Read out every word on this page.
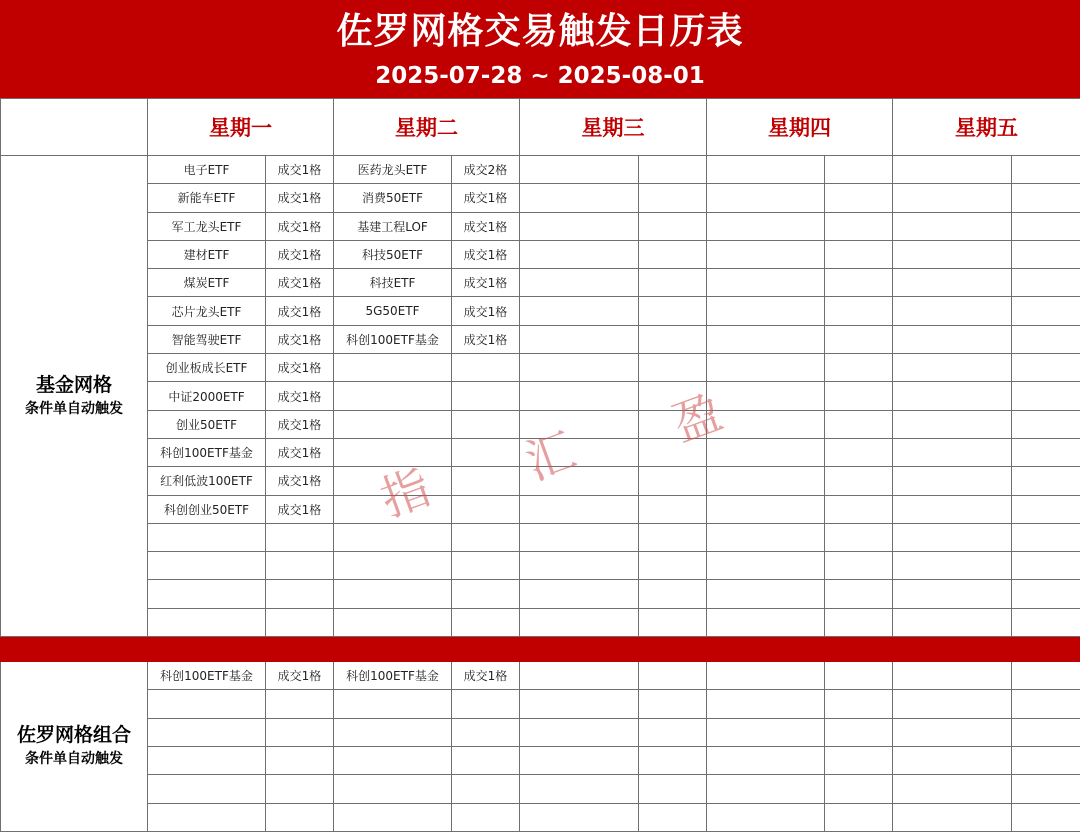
佐罗网格交易触发日历表
2025-07-28 ~ 2025-08-01
	星期一		星期二		星期三		星期四		星期五	

基金网格
条件单自动触发	电子ETF	成交1格	医药龙头ETF	成交2格						
	新能车ETF	成交1格	消费50ETF	成交1格						
	军工龙头ETF	成交1格	基建工程LOF	成交1格						
	建材ETF	成交1格	科技50ETF	成交1格						
	煤炭ETF	成交1格	科技ETF	成交1格						
	芯片龙头ETF	成交1格	5G50ETF	成交1格						
	智能驾驶ETF	成交1格	科创100ETF基金	成交1格						
	创业板成长ETF	成交1格								
	中证2000ETF	成交1格								
	创业50ETF	成交1格								
	科创100ETF基金	成交1格								
	红利低波100ETF	成交1格								
	科创创业50ETF	成交1格								

佐罗网格组合
条件单自动触发	科创100ETF基金	成交1格	科创100ETF基金	成交1格						

指
汇
盈
